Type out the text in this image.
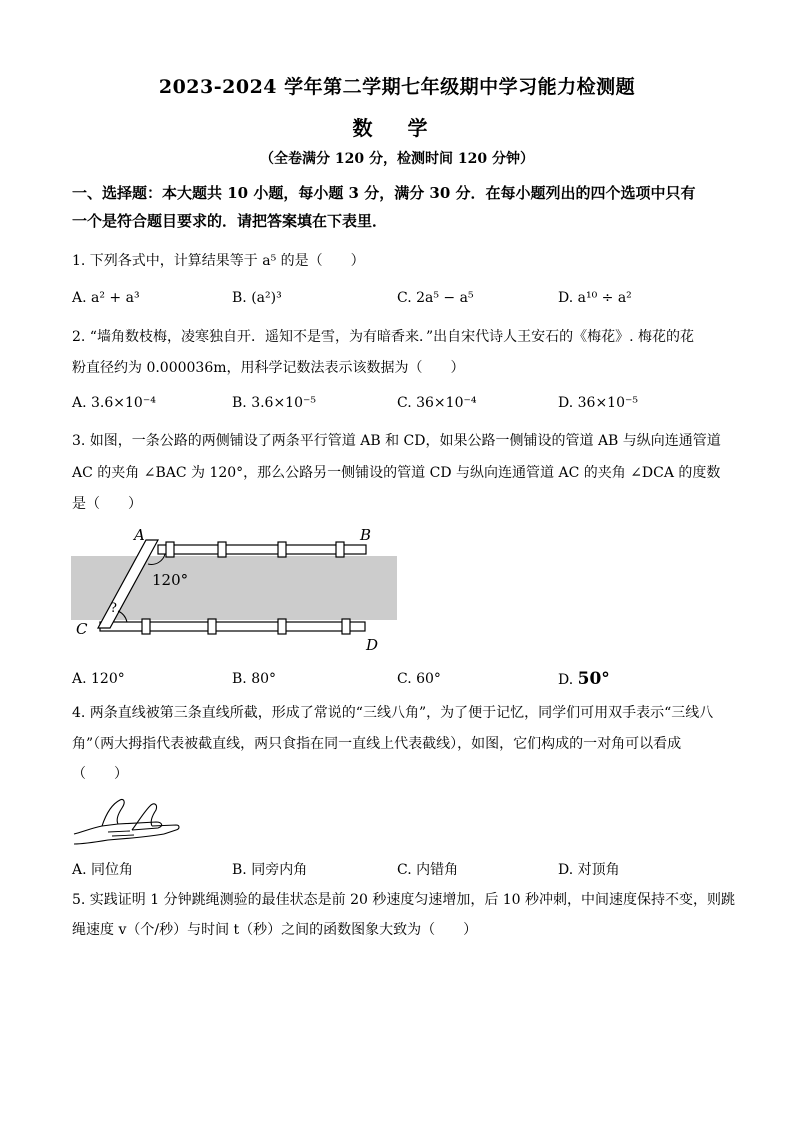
2023-2024 学年第二学期七年级期中学习能力检测题
数 学
（全卷满分 120 分，检测时间 120 分钟）
一、选择题：本大题共 10 小题，每小题 3 分，满分 30 分．在每小题列出的四个选项中只有
一个是符合题目要求的．请把答案填在下表里．
1. 下列各式中，计算结果等于 a⁵ 的是（　　）
A. a² + a³	B. (a²)³	C. 2a⁵ − a⁵	D. a¹⁰ ÷ a²
2. “墙角数枝梅，凌寒独自开．遥知不是雪，为有暗香来．”出自宋代诗人王安石的《梅花》. 梅花的花
粉直径约为 0.000036m，用科学记数法表示该数据为（　　）
A. 3.6×10⁻⁴	B. 3.6×10⁻⁵	C. 36×10⁻⁴	D. 36×10⁻⁵
3. 如图，一条公路的两侧铺设了两条平行管道 AB 和 CD，如果公路一侧铺设的管道 AB 与纵向连通管道
AC 的夹角 ∠BAC 为 120°，那么公路另一侧铺设的管道 CD 与纵向连通管道 AC 的夹角 ∠DCA 的度数
是（　　）
A	B
C
D
120°
?
A. 120°	B. 80°	C. 60°	D. 50°
4. 两条直线被第三条直线所截，形成了常说的“三线八角”，为了便于记忆，同学们可用双手表示“三线八
角”（两大拇指代表被截直线，两只食指在同一直线上代表截线），如图，它们构成的一对角可以看成
（　　）
A. 同位角	B. 同旁内角	C. 内错角	D. 对顶角
5. 实践证明 1 分钟跳绳测验的最佳状态是前 20 秒速度匀速增加，后 10 秒冲刺，中间速度保持不变，则跳
绳速度 v（个/秒）与时间 t（秒）之间的函数图象大致为（　　）
